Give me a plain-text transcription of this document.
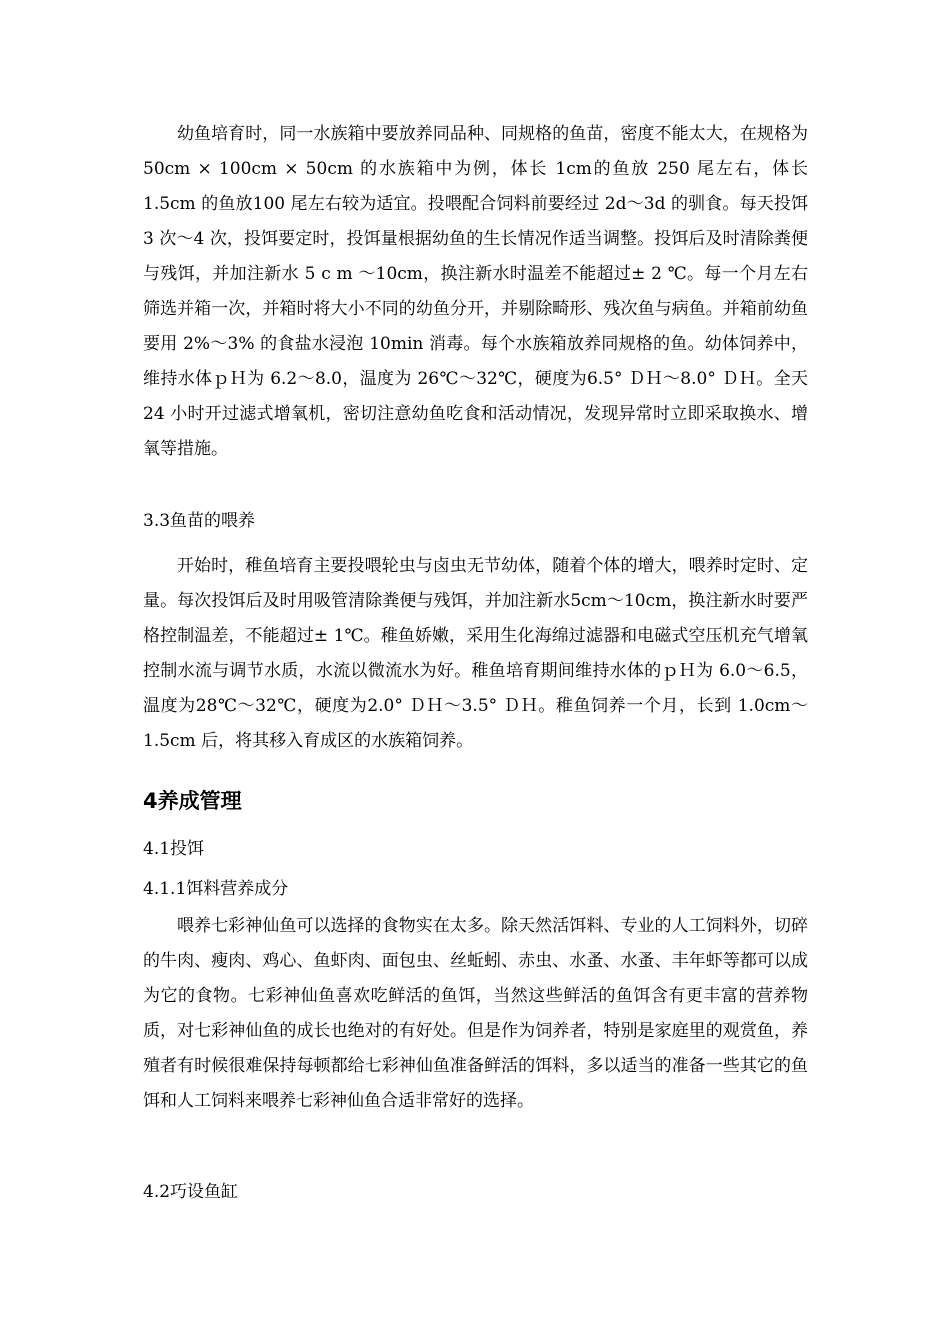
幼鱼培育时，同一水族箱中要放养同品种、同规格的鱼苗，密度不能太大，在规格为 50cm × 100cm × 50cm 的水族箱中为例，体长 1cm的鱼放 250 尾左右，体长 1.5cm 的鱼放100 尾左右较为适宜。投喂配合饲料前要经过 2d～3d 的驯食。每天投饵 3 次～4 次，投饵要定时，投饵量根据幼鱼的生长情况作适当调整。投饵后及时清除粪便与残饵，并加注新水 5 c m ～10cm，换注新水时温差不能超过± 2 ℃。每一个月左右筛选并箱一次，并箱时将大小不同的幼鱼分开，并剔除畸形、残次鱼与病鱼。并箱前幼鱼要用 2%～3% 的食盐水浸泡 10min 消毒。每个水族箱放养同规格的鱼。幼体饲养中，维持水体ｐＨ为 6.2～8.0，温度为 26℃～32℃，硬度为6.5° ＤＨ～8.0° ＤＨ。全天24 小时开过滤式增氧机，密切注意幼鱼吃食和活动情况，发现异常时立即采取换水、增氧等措施。

3.3鱼苗的喂养

开始时，稚鱼培育主要投喂轮虫与卤虫无节幼体，随着个体的增大，喂养时定时、定量。每次投饵后及时用吸管清除粪便与残饵，并加注新水5cm～10cm，换注新水时要严格控制温差，不能超过± 1℃。稚鱼娇嫩，采用生化海绵过滤器和电磁式空压机充气增氧控制水流与调节水质，水流以微流水为好。稚鱼培育期间维持水体的ｐＨ为 6.0～6.5，温度为28℃～32℃，硬度为2.0° ＤＨ～3.5° ＤＨ。稚鱼饲养一个月，长到 1.0cm～1.5cm 后，将其移入育成区的水族箱饲养。

4养成管理

4.1投饵

4.1.1饵料营养成分

喂养七彩神仙鱼可以选择的食物实在太多。除天然活饵料、专业的人工饲料外，切碎的牛肉、瘦肉、鸡心、鱼虾肉、面包虫、丝蚯蚓、赤虫、水蚤、水蚤、丰年虾等都可以成为它的食物。七彩神仙鱼喜欢吃鲜活的鱼饵，当然这些鲜活的鱼饵含有更丰富的营养物质，对七彩神仙鱼的成长也绝对的有好处。但是作为饲养者，特别是家庭里的观赏鱼，养殖者有时候很难保持每顿都给七彩神仙鱼准备鲜活的饵料，多以适当的准备一些其它的鱼饵和人工饲料来喂养七彩神仙鱼合适非常好的选择。

4.2巧设鱼缸
